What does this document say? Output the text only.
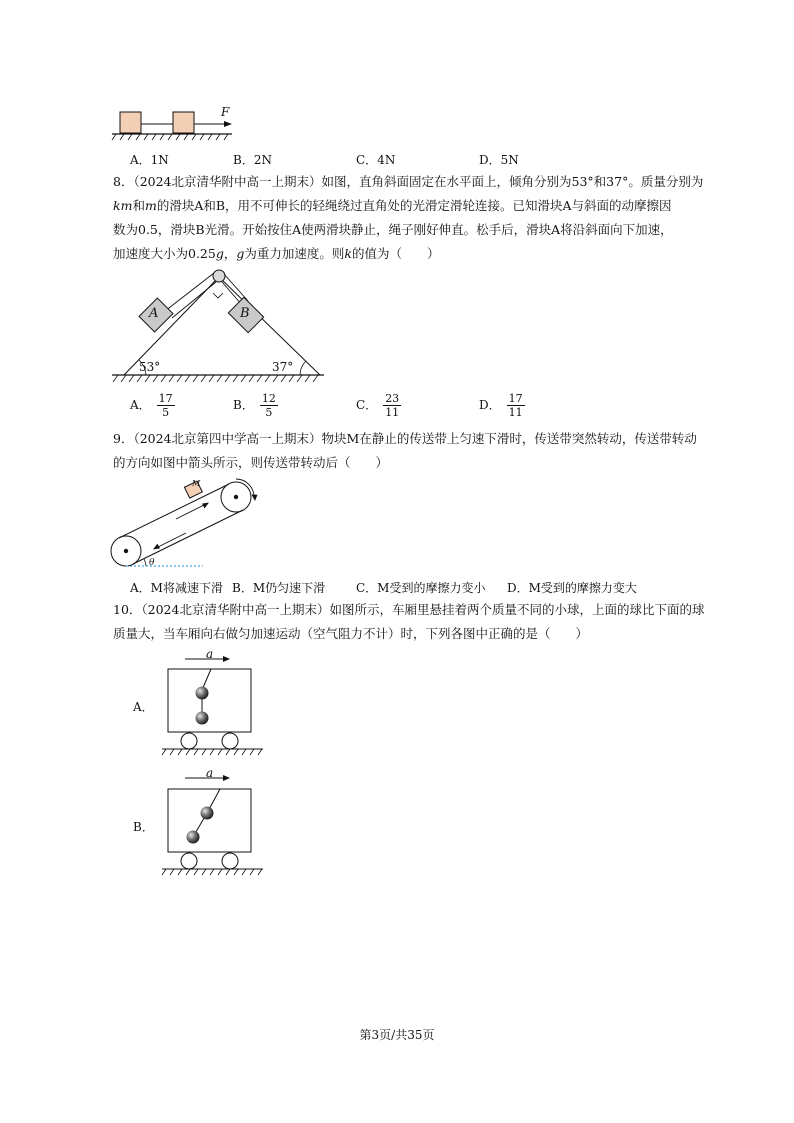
F
A．1N	B．2N	C．4N	D．5N
8．（2024北京清华附中高一上期末）如图，直角斜面固定在水平面上，倾角分别为53°和37°。质量分别为
km和m的滑块A和B，用不可伸长的轻绳绕过直角处的光滑定滑轮连接。已知滑块A与斜面的动摩擦因
数为0.5，滑块B光滑。开始按住A使两滑块静止，绳子刚好伸直。松手后，滑块A将沿斜面向下加速，
加速度大小为0.25g，g为重力加速度。则k的值为（　　）
A	B
53°	37°
A． $\frac{17}{5}$	B． $\frac{12}{5}$	C． $\frac{23}{11}$	D． $\frac{17}{11}$
9．（2024北京第四中学高一上期末）物块M在静止的传送带上匀速下滑时，传送带突然转动，传送带转动
的方向如图中箭头所示，则传送带转动后（　　）
M
θ
A．M将减速下滑 B．M仍匀速下滑	C．M受到的摩擦力变小 D．M受到的摩擦力变大
10．（2024北京清华附中高一上期末）如图所示，车厢里悬挂着两个质量不同的小球，上面的球比下面的球
质量大，当车厢向右做匀加速运动（空气阻力不计）时，下列各图中正确的是（　　）
A．
a
B．
a
第3页/共35页
